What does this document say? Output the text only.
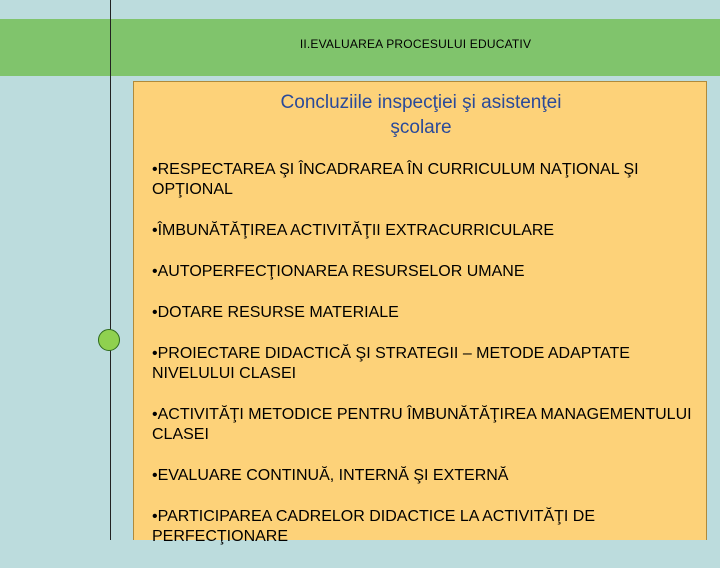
II.EVALUAREA PROCESULUI EDUCATIV
Concluziile inspecţiei şi asistenţei
şcolare
•RESPECTAREA ŞI ÎNCADRAREA ÎN CURRICULUM NAŢIONAL ŞI OPŢIONAL
•ÎMBUNĂTĂŢIREA ACTIVITĂŢII EXTRACURRICULARE
•AUTOPERFECŢIONAREA RESURSELOR UMANE
•DOTARE RESURSE MATERIALE
•PROIECTARE DIDACTICĂ ŞI STRATEGII – METODE ADAPTATE NIVELULUI CLASEI
•ACTIVITĂŢI METODICE PENTRU ÎMBUNĂTĂŢIREA MANAGEMENTULUI CLASEI
•EVALUARE CONTINUĂ, INTERNĂ ŞI EXTERNĂ
•PARTICIPAREA CADRELOR DIDACTICE LA ACTIVITĂŢI DE PERFECŢIONARE
